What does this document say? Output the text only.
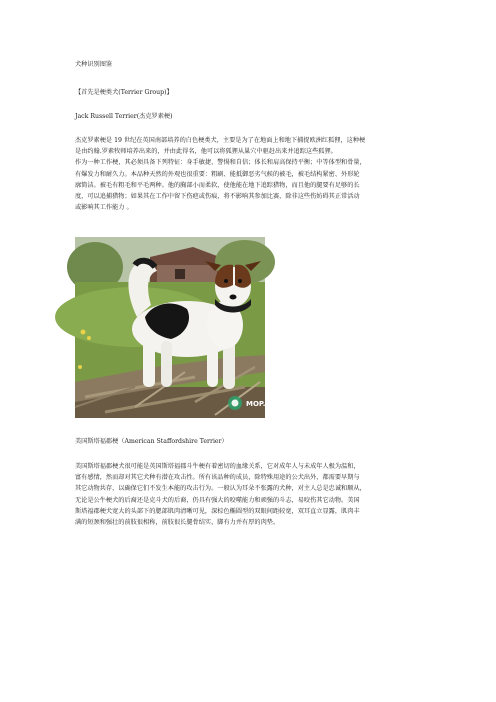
犬种识别图鉴
【首先是梗类犬(Terrier Group)】
Jack Russell Terrier(杰克罗素梗)
杰克罗素梗是 19 世纪在英国南部培养的白色梗类犬，主要是为了在地面上和地下捕捉欧洲红狐狸，这种梗
是由约翰.罗素牧师培养出来的，并由此得名，他可以将狐狸从巢穴中驱赶出来并追踪这些狐狸。
作为一种工作梗，其必须具备下列特征：身手敏捷、警惕和自信；体长和肩高保持平衡；中等体型和骨量，
有爆发力和耐久力。本品种天然的外观也很重要：粗刷、能抵御恶劣气候的被毛，被毛结构紧密、外形轮
廓简洁。被毛有粗毛和平毛两种。他的胸部小而柔软，使他能在地下追踪猎物，而且他的腿要有足够的长
度，可以追捕猎物；如果其在工作中留下伤疤或伤痕，将不影响其参加比赛，除非这些伤妨碍其正常活动
或影响其工作能力 。
MOP.COM
美国斯塔福郡梗（American Staffordshire Terrier）
美国斯塔福郡梗犬很可能是英国斯塔福郡斗牛梗有着密切的血缘关系，它对成年人与未成年人极为温和，
富有感情，然而却对其它犬种有潜在攻击性。所有该品种的成员，除特殊用途的公犬出外，都需要早期与
其它动物共存，以确保它们不发生本能的攻击行为。一般认为耳朵不张露的犬种，对主人总是忠诚和顺从，
无论是公牛梗犬的后裔还是克斗犬的后裔，仍具有强大的咬噬能力和顽强的斗志，易咬伤其它动物。美国
斯塔福郡梗犬宽大的头部下的腮部肌肉清晰可见，深棕色椭圆型的双眼间距较宽，双耳直立显露，肌肉丰
满的短颈和强壮的前肢很相称，前肢很长腿骨结实，脚有力并有厚的肉垫。
